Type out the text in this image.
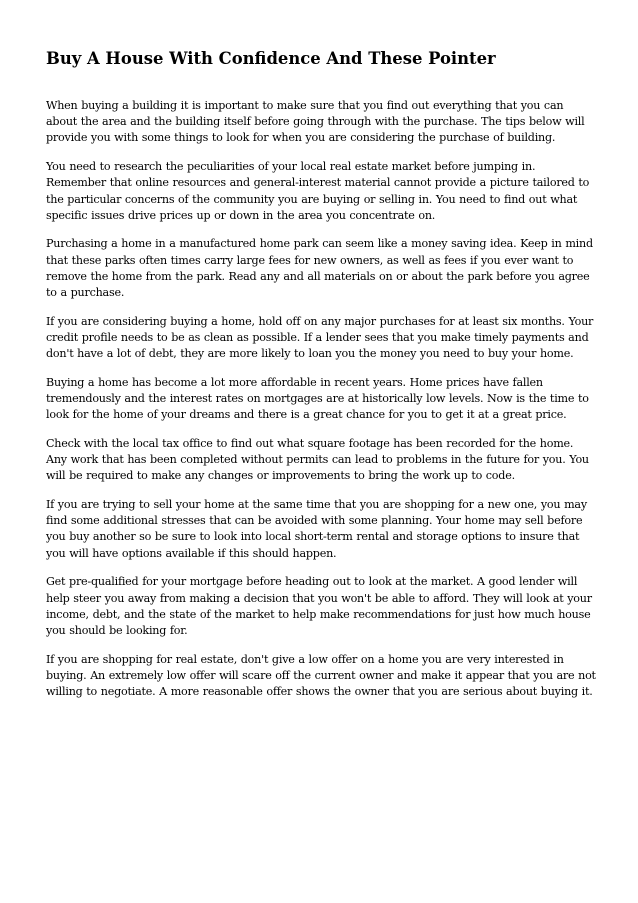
Buy A House With Confidence And These Pointer

When buying a building it is important to make sure that you find out everything that you can about the area and the building itself before going through with the purchase. The tips below will provide you with some things to look for when you are considering the purchase of building.

You need to research the peculiarities of your local real estate market before jumping in. Remember that online resources and general-interest material cannot provide a picture tailored to the particular concerns of the community you are buying or selling in. You need to find out what specific issues drive prices up or down in the area you concentrate on.

Purchasing a home in a manufactured home park can seem like a money saving idea. Keep in mind that these parks often times carry large fees for new owners, as well as fees if you ever want to remove the home from the park. Read any and all materials on or about the park before you agree to a purchase.

If you are considering buying a home, hold off on any major purchases for at least six months. Your credit profile needs to be as clean as possible. If a lender sees that you make timely payments and don't have a lot of debt, they are more likely to loan you the money you need to buy your home.

Buying a home has become a lot more affordable in recent years. Home prices have fallen tremendously and the interest rates on mortgages are at historically low levels. Now is the time to look for the home of your dreams and there is a great chance for you to get it at a great price.

Check with the local tax office to find out what square footage has been recorded for the home. Any work that has been completed without permits can lead to problems in the future for you. You will be required to make any changes or improvements to bring the work up to code.

If you are trying to sell your home at the same time that you are shopping for a new one, you may find some additional stresses that can be avoided with some planning. Your home may sell before you buy another so be sure to look into local short-term rental and storage options to insure that you will have options available if this should happen.

Get pre-qualified for your mortgage before heading out to look at the market. A good lender will help steer you away from making a decision that you won't be able to afford. They will look at your income, debt, and the state of the market to help make recommendations for just how much house you should be looking for.

If you are shopping for real estate, don't give a low offer on a home you are very interested in buying. An extremely low offer will scare off the current owner and make it appear that you are not willing to negotiate. A more reasonable offer shows the owner that you are serious about buying it.
